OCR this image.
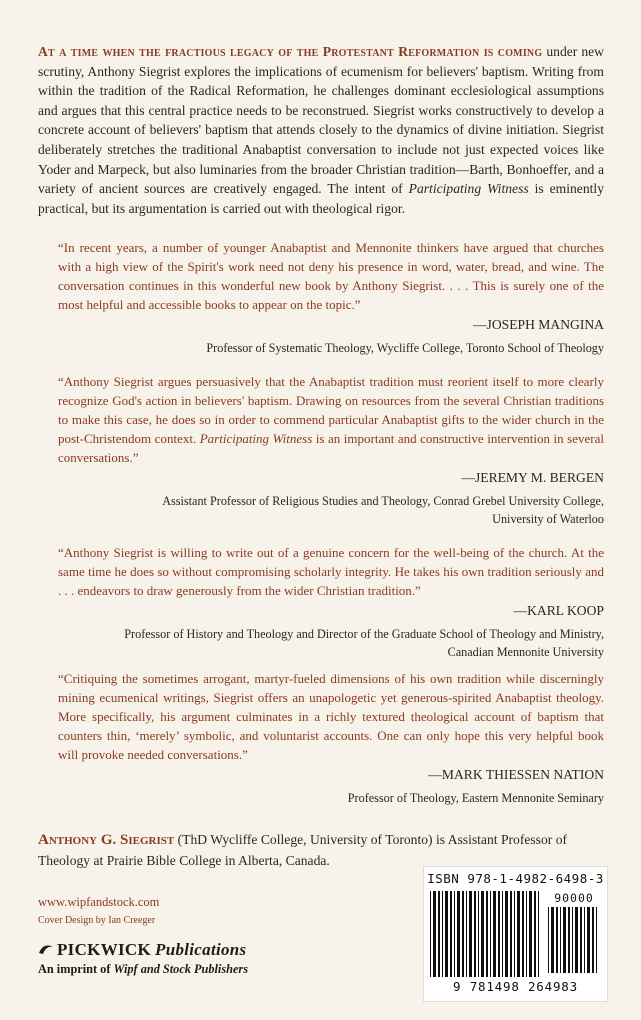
At a time when the fractious legacy of the Protestant Reformation is coming under new scrutiny, Anthony Siegrist explores the implications of ecumenism for believers' baptism. Writing from within the tradition of the Radical Reformation, he challenges dominant ecclesiological assumptions and argues that this central practice needs to be reconstrued. Siegrist works constructively to develop a concrete account of believers' baptism that attends closely to the dynamics of divine initiation. Siegrist deliberately stretches the traditional Anabaptist conversation to include not just expected voices like Yoder and Marpeck, but also luminaries from the broader Christian tradition—Barth, Bonhoeffer, and a variety of ancient sources are creatively engaged. The intent of Participating Witness is eminently practical, but its argumentation is carried out with theological rigor.
“In recent years, a number of younger Anabaptist and Mennonite thinkers have argued that churches with a high view of the Spirit's work need not deny his presence in word, water, bread, and wine. The conversation continues in this wonderful new book by Anthony Siegrist. . . . This is surely one of the most helpful and accessible books to appear on the topic.”
—JOSEPH MANGINA
Professor of Systematic Theology, Wycliffe College, Toronto School of Theology
“Anthony Siegrist argues persuasively that the Anabaptist tradition must reorient itself to more clearly recognize God's action in believers' baptism. Drawing on resources from the several Christian traditions to make this case, he does so in order to commend particular Anabaptist gifts to the wider church in the post-Christendom context. Participating Witness is an important and constructive intervention in several conversations.”
—JEREMY M. BERGEN
Assistant Professor of Religious Studies and Theology, Conrad Grebel University College,
University of Waterloo
“Anthony Siegrist is willing to write out of a genuine concern for the well-being of the church. At the same time he does so without compromising scholarly integrity. He takes his own tradition seriously and . . . endeavors to draw generously from the wider Christian tradition.”
—KARL KOOP
Professor of History and Theology and Director of the Graduate School of Theology and Ministry,
Canadian Mennonite University
“Critiquing the sometimes arrogant, martyr-fueled dimensions of his own tradition while discerningly mining ecumenical writings, Siegrist offers an unapologetic yet generous-spirited Anabaptist theology. More specifically, his argument culminates in a richly textured theological account of baptism that counters thin, ‘merely’ symbolic, and voluntarist accounts. One can only hope this very helpful book will provoke needed conversations.”
—MARK THIESSEN NATION
Professor of Theology, Eastern Mennonite Seminary
Anthony G. Siegrist (ThD Wycliffe College, University of Toronto) is Assistant Professor of Theology at Prairie Bible College in Alberta, Canada.
www.wipfandstock.com
Cover Design by Ian Creeger
PICKWICK Publications
An imprint of Wipf and Stock Publishers
ISBN 978-1-4982-6498-3
90000
9 781498 264983
